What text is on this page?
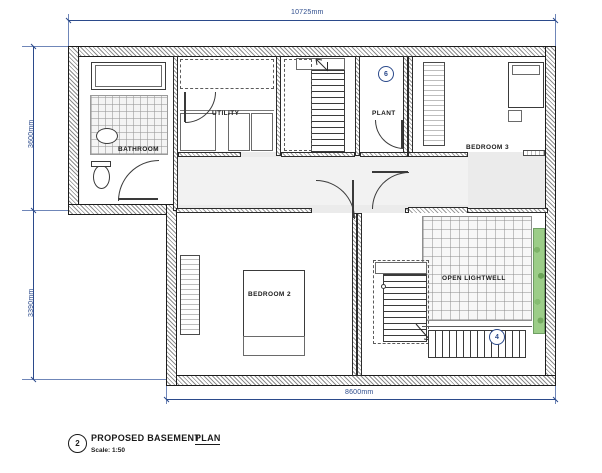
10725mm
8600mm
3600mm
3390mm
BATHROOM
UTILITY	PLANT
BEDROOM 3
6
BEDROOM 2
OPEN LIGHTWELL
4
2
PROPOSED BASEMENT
PLAN
Scale: 1:50
